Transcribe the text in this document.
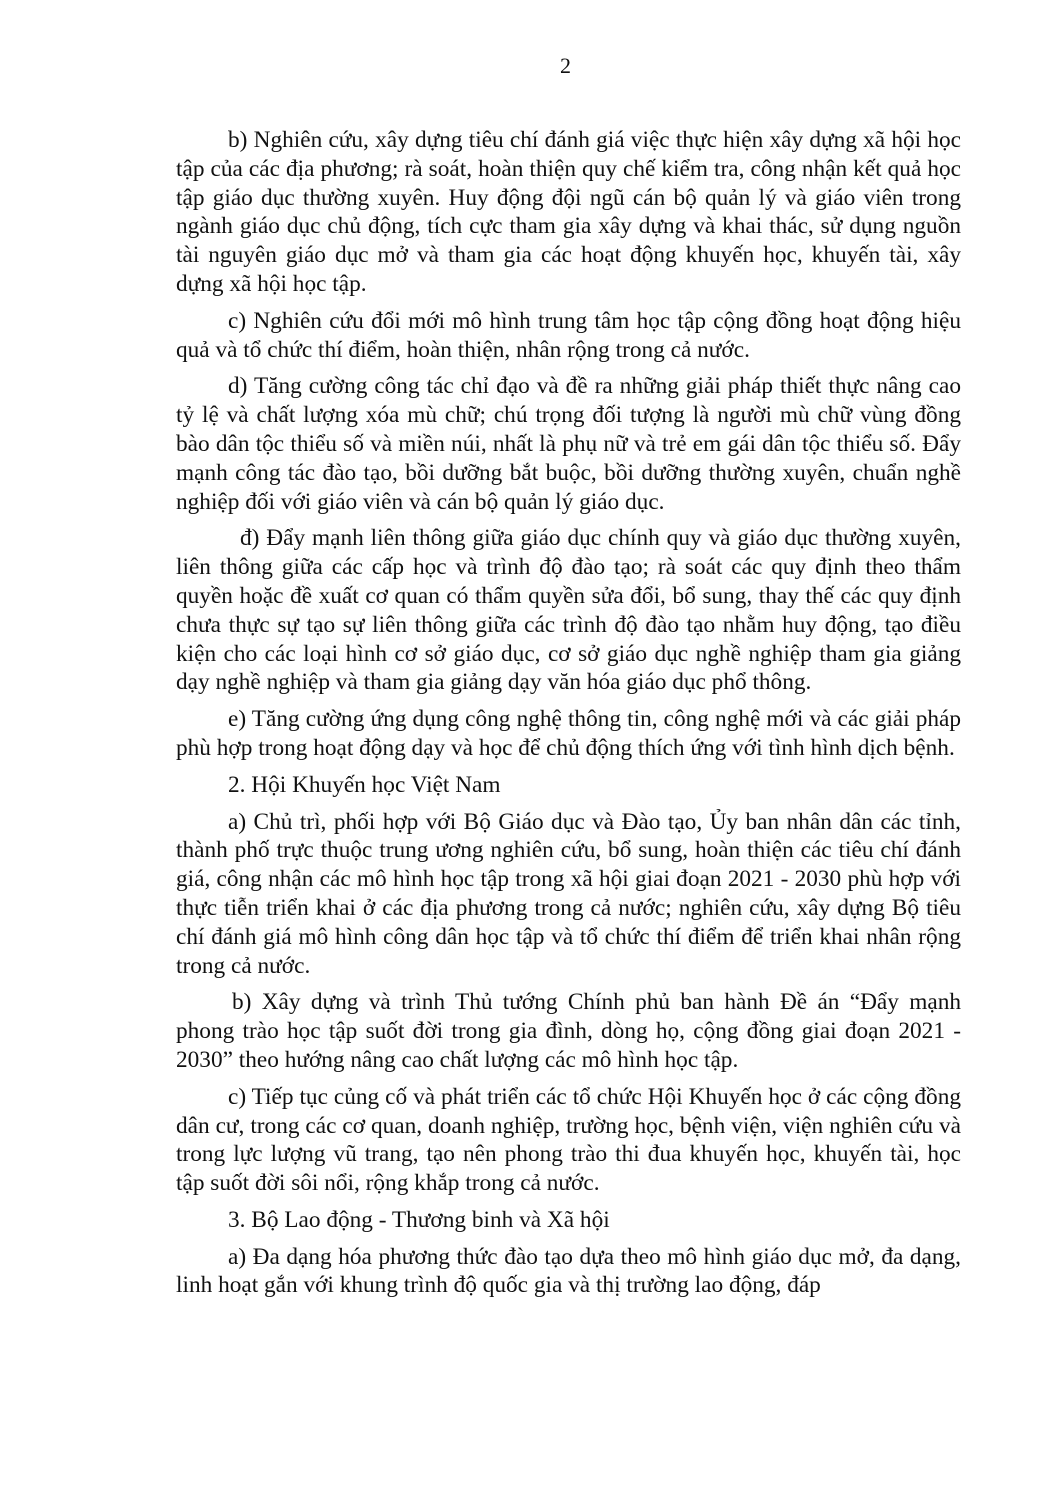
2

b) Nghiên cứu, xây dựng tiêu chí đánh giá việc thực hiện xây dựng xã hội học tập của các địa phương; rà soát, hoàn thiện quy chế kiểm tra, công nhận kết quả học tập giáo dục thường xuyên. Huy động đội ngũ cán bộ quản lý và giáo viên trong ngành giáo dục chủ động, tích cực tham gia xây dựng và khai thác, sử dụng nguồn tài nguyên giáo dục mở và tham gia các hoạt động khuyến học, khuyến tài, xây dựng xã hội học tập.

c) Nghiên cứu đổi mới mô hình trung tâm học tập cộng đồng hoạt động hiệu quả và tổ chức thí điểm, hoàn thiện, nhân rộng trong cả nước.

d) Tăng cường công tác chỉ đạo và đề ra những giải pháp thiết thực nâng cao tỷ lệ và chất lượng xóa mù chữ; chú trọng đối tượng là người mù chữ vùng đồng bào dân tộc thiểu số và miền núi, nhất là phụ nữ và trẻ em gái dân tộc thiểu số. Đẩy mạnh công tác đào tạo, bồi dưỡng bắt buộc, bồi dưỡng thường xuyên, chuẩn nghề nghiệp đối với giáo viên và cán bộ quản lý giáo dục.

đ) Đẩy mạnh liên thông giữa giáo dục chính quy và giáo dục thường xuyên, liên thông giữa các cấp học và trình độ đào tạo; rà soát các quy định theo thẩm quyền hoặc đề xuất cơ quan có thẩm quyền sửa đổi, bổ sung, thay thế các quy định chưa thực sự tạo sự liên thông giữa các trình độ đào tạo nhằm huy động, tạo điều kiện cho các loại hình cơ sở giáo dục, cơ sở giáo dục nghề nghiệp tham gia giảng dạy nghề nghiệp và tham gia giảng dạy văn hóa giáo dục phổ thông.

e) Tăng cường ứng dụng công nghệ thông tin, công nghệ mới và các giải pháp phù hợp trong hoạt động dạy và học để chủ động thích ứng với tình hình dịch bệnh.

2. Hội Khuyến học Việt Nam

a) Chủ trì, phối hợp với Bộ Giáo dục và Đào tạo, Ủy ban nhân dân các tỉnh, thành phố trực thuộc trung ương nghiên cứu, bổ sung, hoàn thiện các tiêu chí đánh giá, công nhận các mô hình học tập trong xã hội giai đoạn 2021 - 2030 phù hợp với thực tiễn triển khai ở các địa phương trong cả nước; nghiên cứu, xây dựng Bộ tiêu chí đánh giá mô hình công dân học tập và tổ chức thí điểm để triển khai nhân rộng trong cả nước.

b) Xây dựng và trình Thủ tướng Chính phủ ban hành Đề án “Đẩy mạnh phong trào học tập suốt đời trong gia đình, dòng họ, cộng đồng giai đoạn 2021 - 2030” theo hướng nâng cao chất lượng các mô hình học tập.

c) Tiếp tục củng cố và phát triển các tổ chức Hội Khuyến học ở các cộng đồng dân cư, trong các cơ quan, doanh nghiệp, trường học, bệnh viện, viện nghiên cứu và trong lực lượng vũ trang, tạo nên phong trào thi đua khuyến học, khuyến tài, học tập suốt đời sôi nổi, rộng khắp trong cả nước.

3. Bộ Lao động - Thương binh và Xã hội

a) Đa dạng hóa phương thức đào tạo dựa theo mô hình giáo dục mở, đa dạng, linh hoạt gắn với khung trình độ quốc gia và thị trường lao động, đáp
